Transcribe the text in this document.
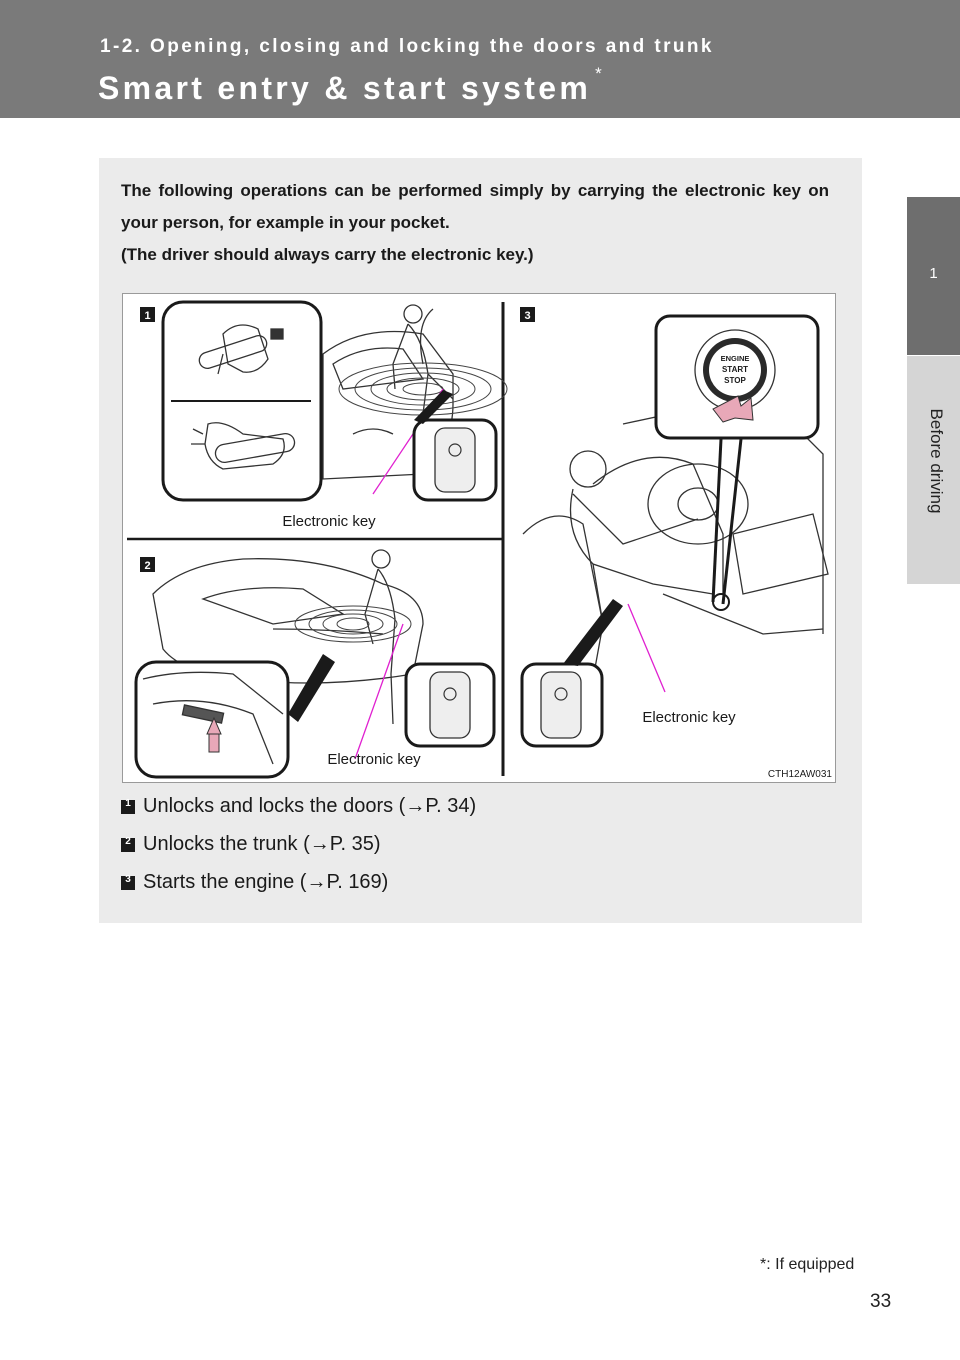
1-2. Opening, closing and locking the doors and trunk
Smart entry & start system *
1
Before driving
The following operations can be performed simply by carrying the electronic key on your person, for example in your pocket.
(The driver should always carry the electronic key.)
1
Electronic key
2
Electronic key
3
ENGINE
START
STOP
Electronic key
CTH12AW031
1 Unlocks and locks the doors ( →P. 34)
2 Unlocks the trunk ( →P. 35)
3 Starts the engine ( →P. 169)
*: If equipped
33
